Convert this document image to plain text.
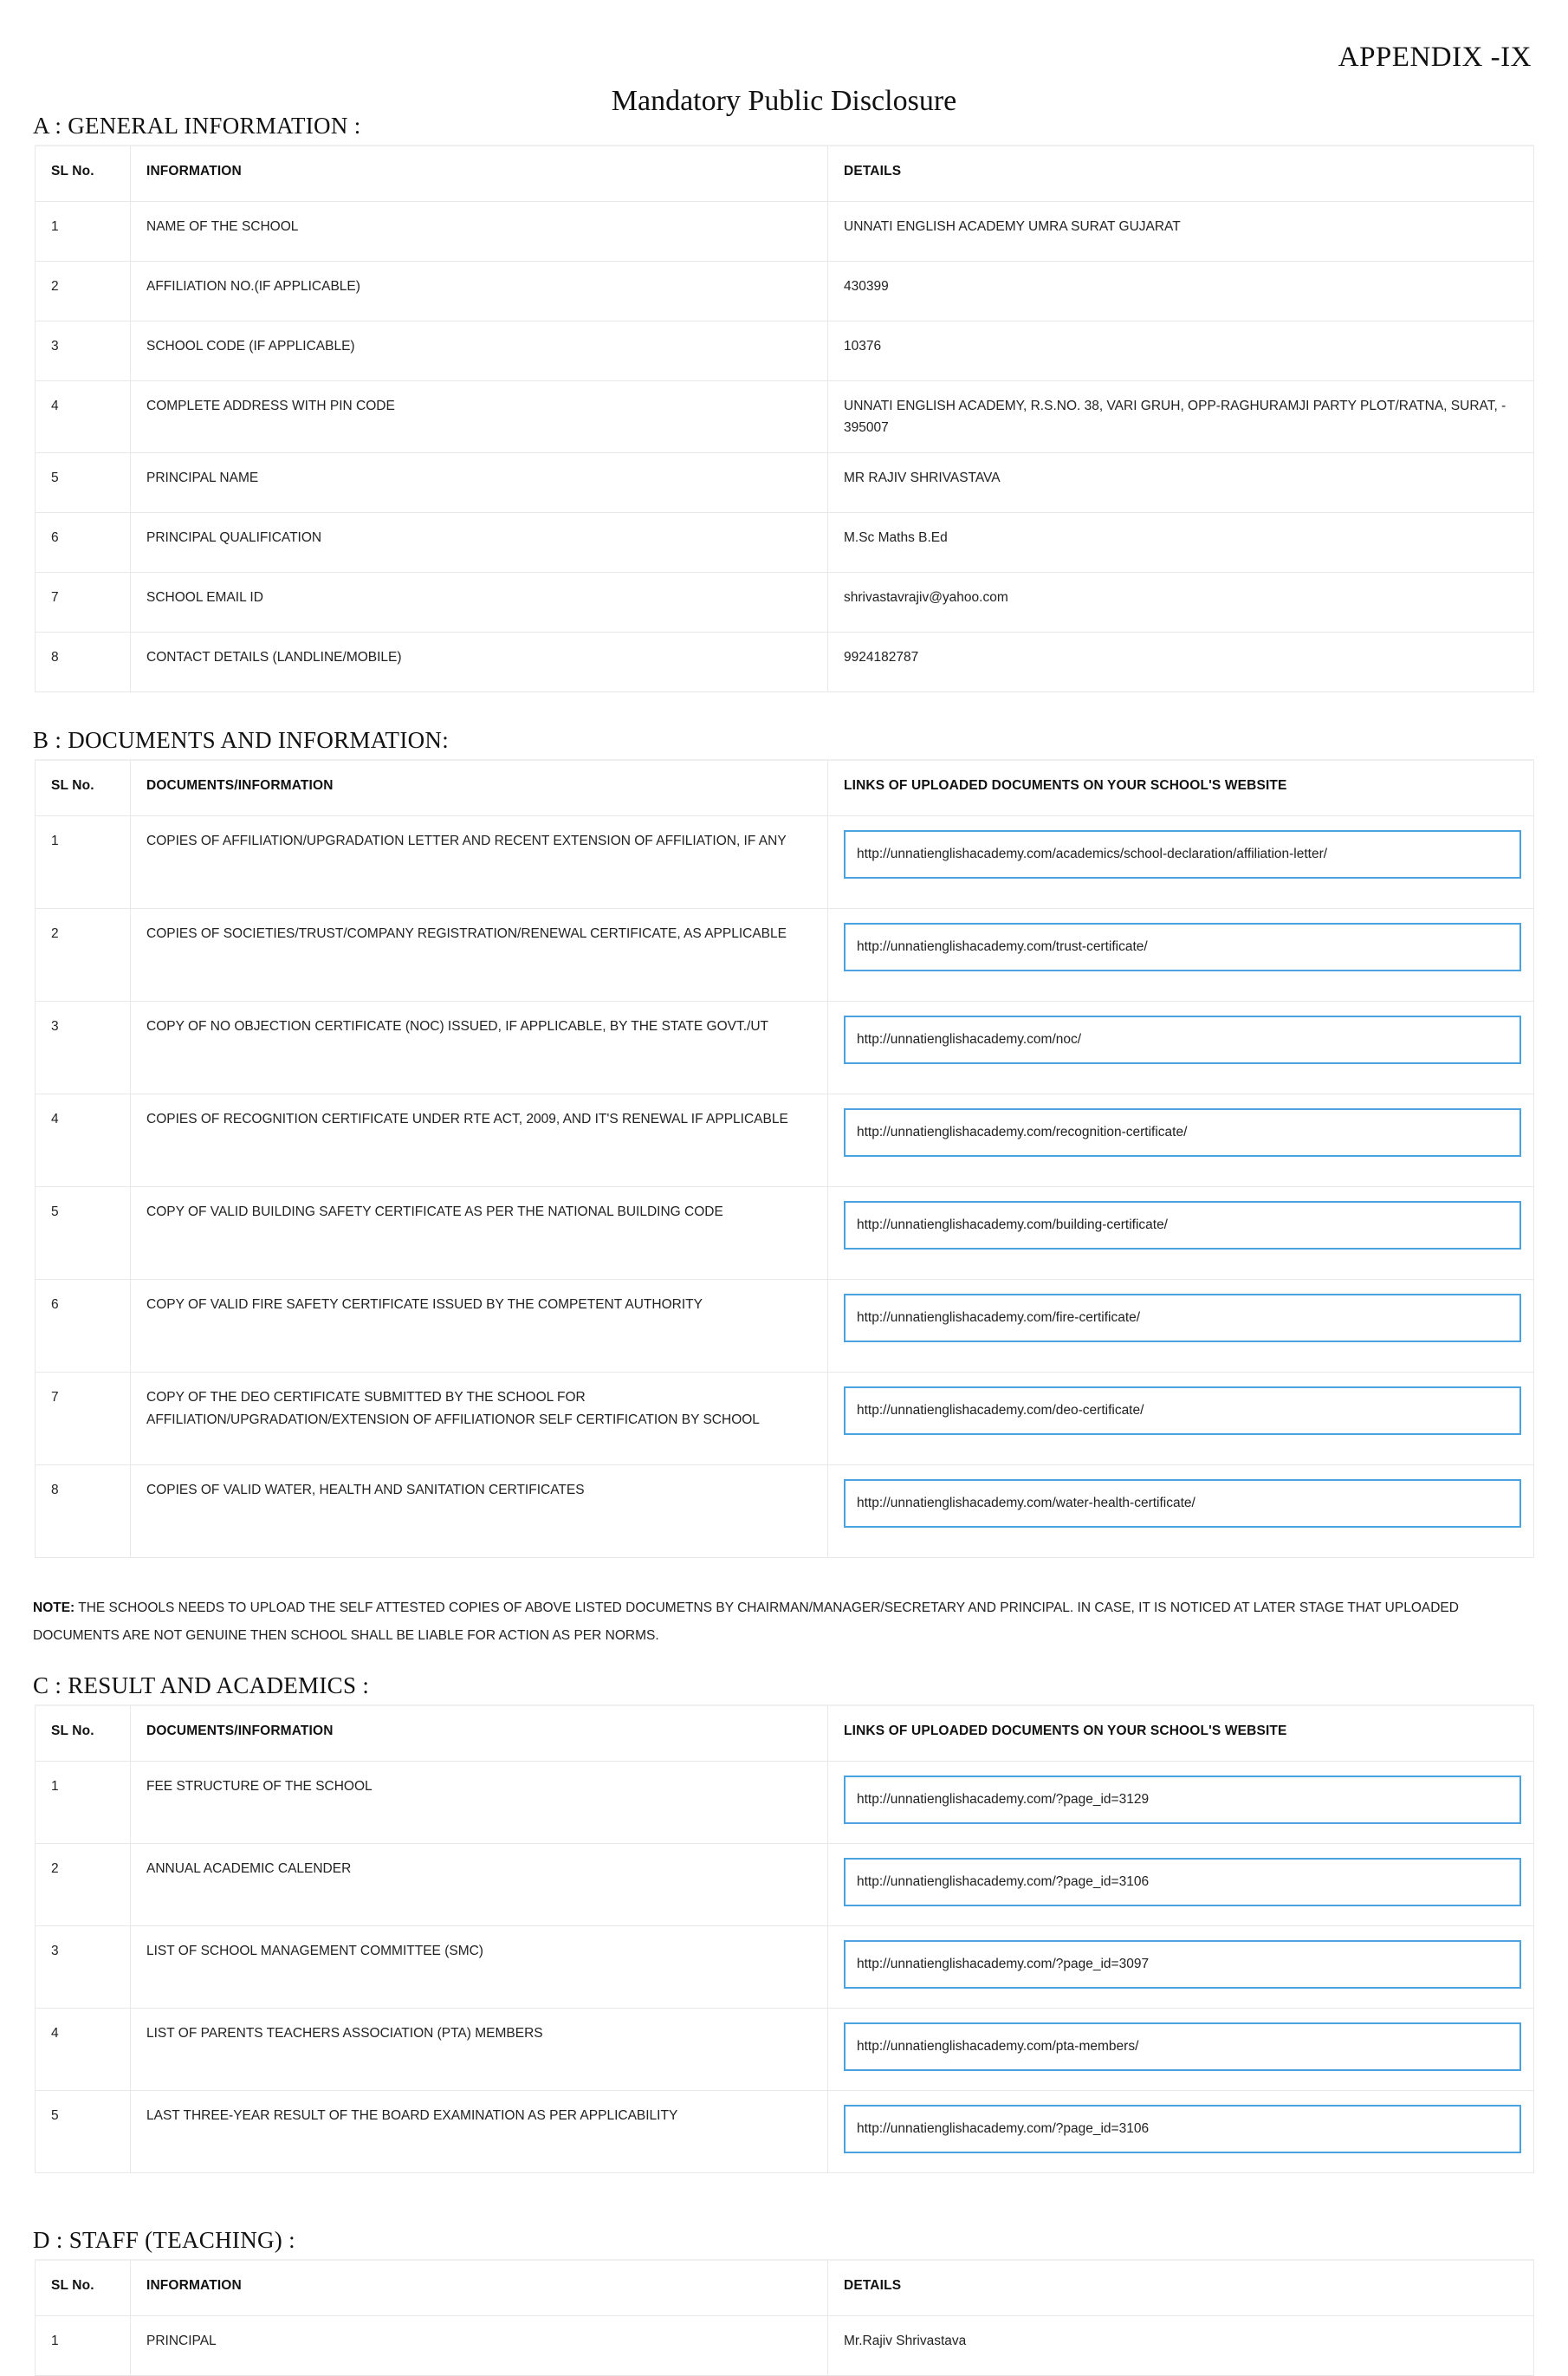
APPENDIX -IX
Mandatory Public Disclosure
A : GENERAL INFORMATION :
SL No.	INFORMATION	DETAILS
1	NAME OF THE SCHOOL	UNNATI ENGLISH ACADEMY UMRA SURAT GUJARAT
2	AFFILIATION NO.(IF APPLICABLE)	430399
3	SCHOOL CODE (IF APPLICABLE)	10376
4	COMPLETE ADDRESS WITH PIN CODE	UNNATI ENGLISH ACADEMY, R.S.NO. 38, VARI GRUH, OPP-RAGHURAMJI PARTY PLOT/RATNA, SURAT, - 395007
5	PRINCIPAL NAME	MR RAJIV SHRIVASTAVA
6	PRINCIPAL QUALIFICATION	M.Sc Maths B.Ed
7	SCHOOL EMAIL ID	shrivastavrajiv@yahoo.com
8	CONTACT DETAILS (LANDLINE/MOBILE)	9924182787
B : DOCUMENTS AND INFORMATION:
SL No.	DOCUMENTS/INFORMATION	LINKS OF UPLOADED DOCUMENTS ON YOUR SCHOOL'S WEBSITE
1	COPIES OF AFFILIATION/UPGRADATION LETTER AND RECENT EXTENSION OF AFFILIATION, IF ANY	http://unnatienglishacademy.com/academics/school-declaration/affiliation-letter/

2	COPIES OF SOCIETIES/TRUST/COMPANY REGISTRATION/RENEWAL CERTIFICATE, AS APPLICABLE	http://unnatienglishacademy.com/trust-certificate/

3	COPY OF NO OBJECTION CERTIFICATE (NOC) ISSUED, IF APPLICABLE, BY THE STATE GOVT./UT	http://unnatienglishacademy.com/noc/

4	COPIES OF RECOGNITION CERTIFICATE UNDER RTE ACT, 2009, AND IT'S RENEWAL IF APPLICABLE	http://unnatienglishacademy.com/recognition-certificate/

5	COPY OF VALID BUILDING SAFETY CERTIFICATE AS PER THE NATIONAL BUILDING CODE	http://unnatienglishacademy.com/building-certificate/

6	COPY OF VALID FIRE SAFETY CERTIFICATE ISSUED BY THE COMPETENT AUTHORITY	http://unnatienglishacademy.com/fire-certificate/

7	COPY OF THE DEO CERTIFICATE SUBMITTED BY THE SCHOOL FOR AFFILIATION/UPGRADATION/EXTENSION OF AFFILIATIONOR SELF CERTIFICATION BY SCHOOL	http://unnatienglishacademy.com/deo-certificate/

8	COPIES OF VALID WATER, HEALTH AND SANITATION CERTIFICATES	http://unnatienglishacademy.com/water-health-certificate/
NOTE: THE SCHOOLS NEEDS TO UPLOAD THE SELF ATTESTED COPIES OF ABOVE LISTED DOCUMETNS BY CHAIRMAN/MANAGER/SECRETARY AND PRINCIPAL. IN CASE, IT IS NOTICED AT LATER STAGE THAT UPLOADED DOCUMENTS ARE NOT GENUINE THEN SCHOOL SHALL BE LIABLE FOR ACTION AS PER NORMS.
C : RESULT AND ACADEMICS :
SL No.	DOCUMENTS/INFORMATION	LINKS OF UPLOADED DOCUMENTS ON YOUR SCHOOL'S WEBSITE
1	FEE STRUCTURE OF THE SCHOOL	http://unnatienglishacademy.com/?page_id=3129

2	ANNUAL ACADEMIC CALENDER	http://unnatienglishacademy.com/?page_id=3106

3	LIST OF SCHOOL MANAGEMENT COMMITTEE (SMC)	http://unnatienglishacademy.com/?page_id=3097

4	LIST OF PARENTS TEACHERS ASSOCIATION (PTA) MEMBERS	http://unnatienglishacademy.com/pta-members/

5	LAST THREE-YEAR RESULT OF THE BOARD EXAMINATION AS PER APPLICABILITY	http://unnatienglishacademy.com/?page_id=3106
D : STAFF (TEACHING) :
SL No.	INFORMATION	DETAILS
1	PRINCIPAL	Mr.Rajiv Shrivastava
